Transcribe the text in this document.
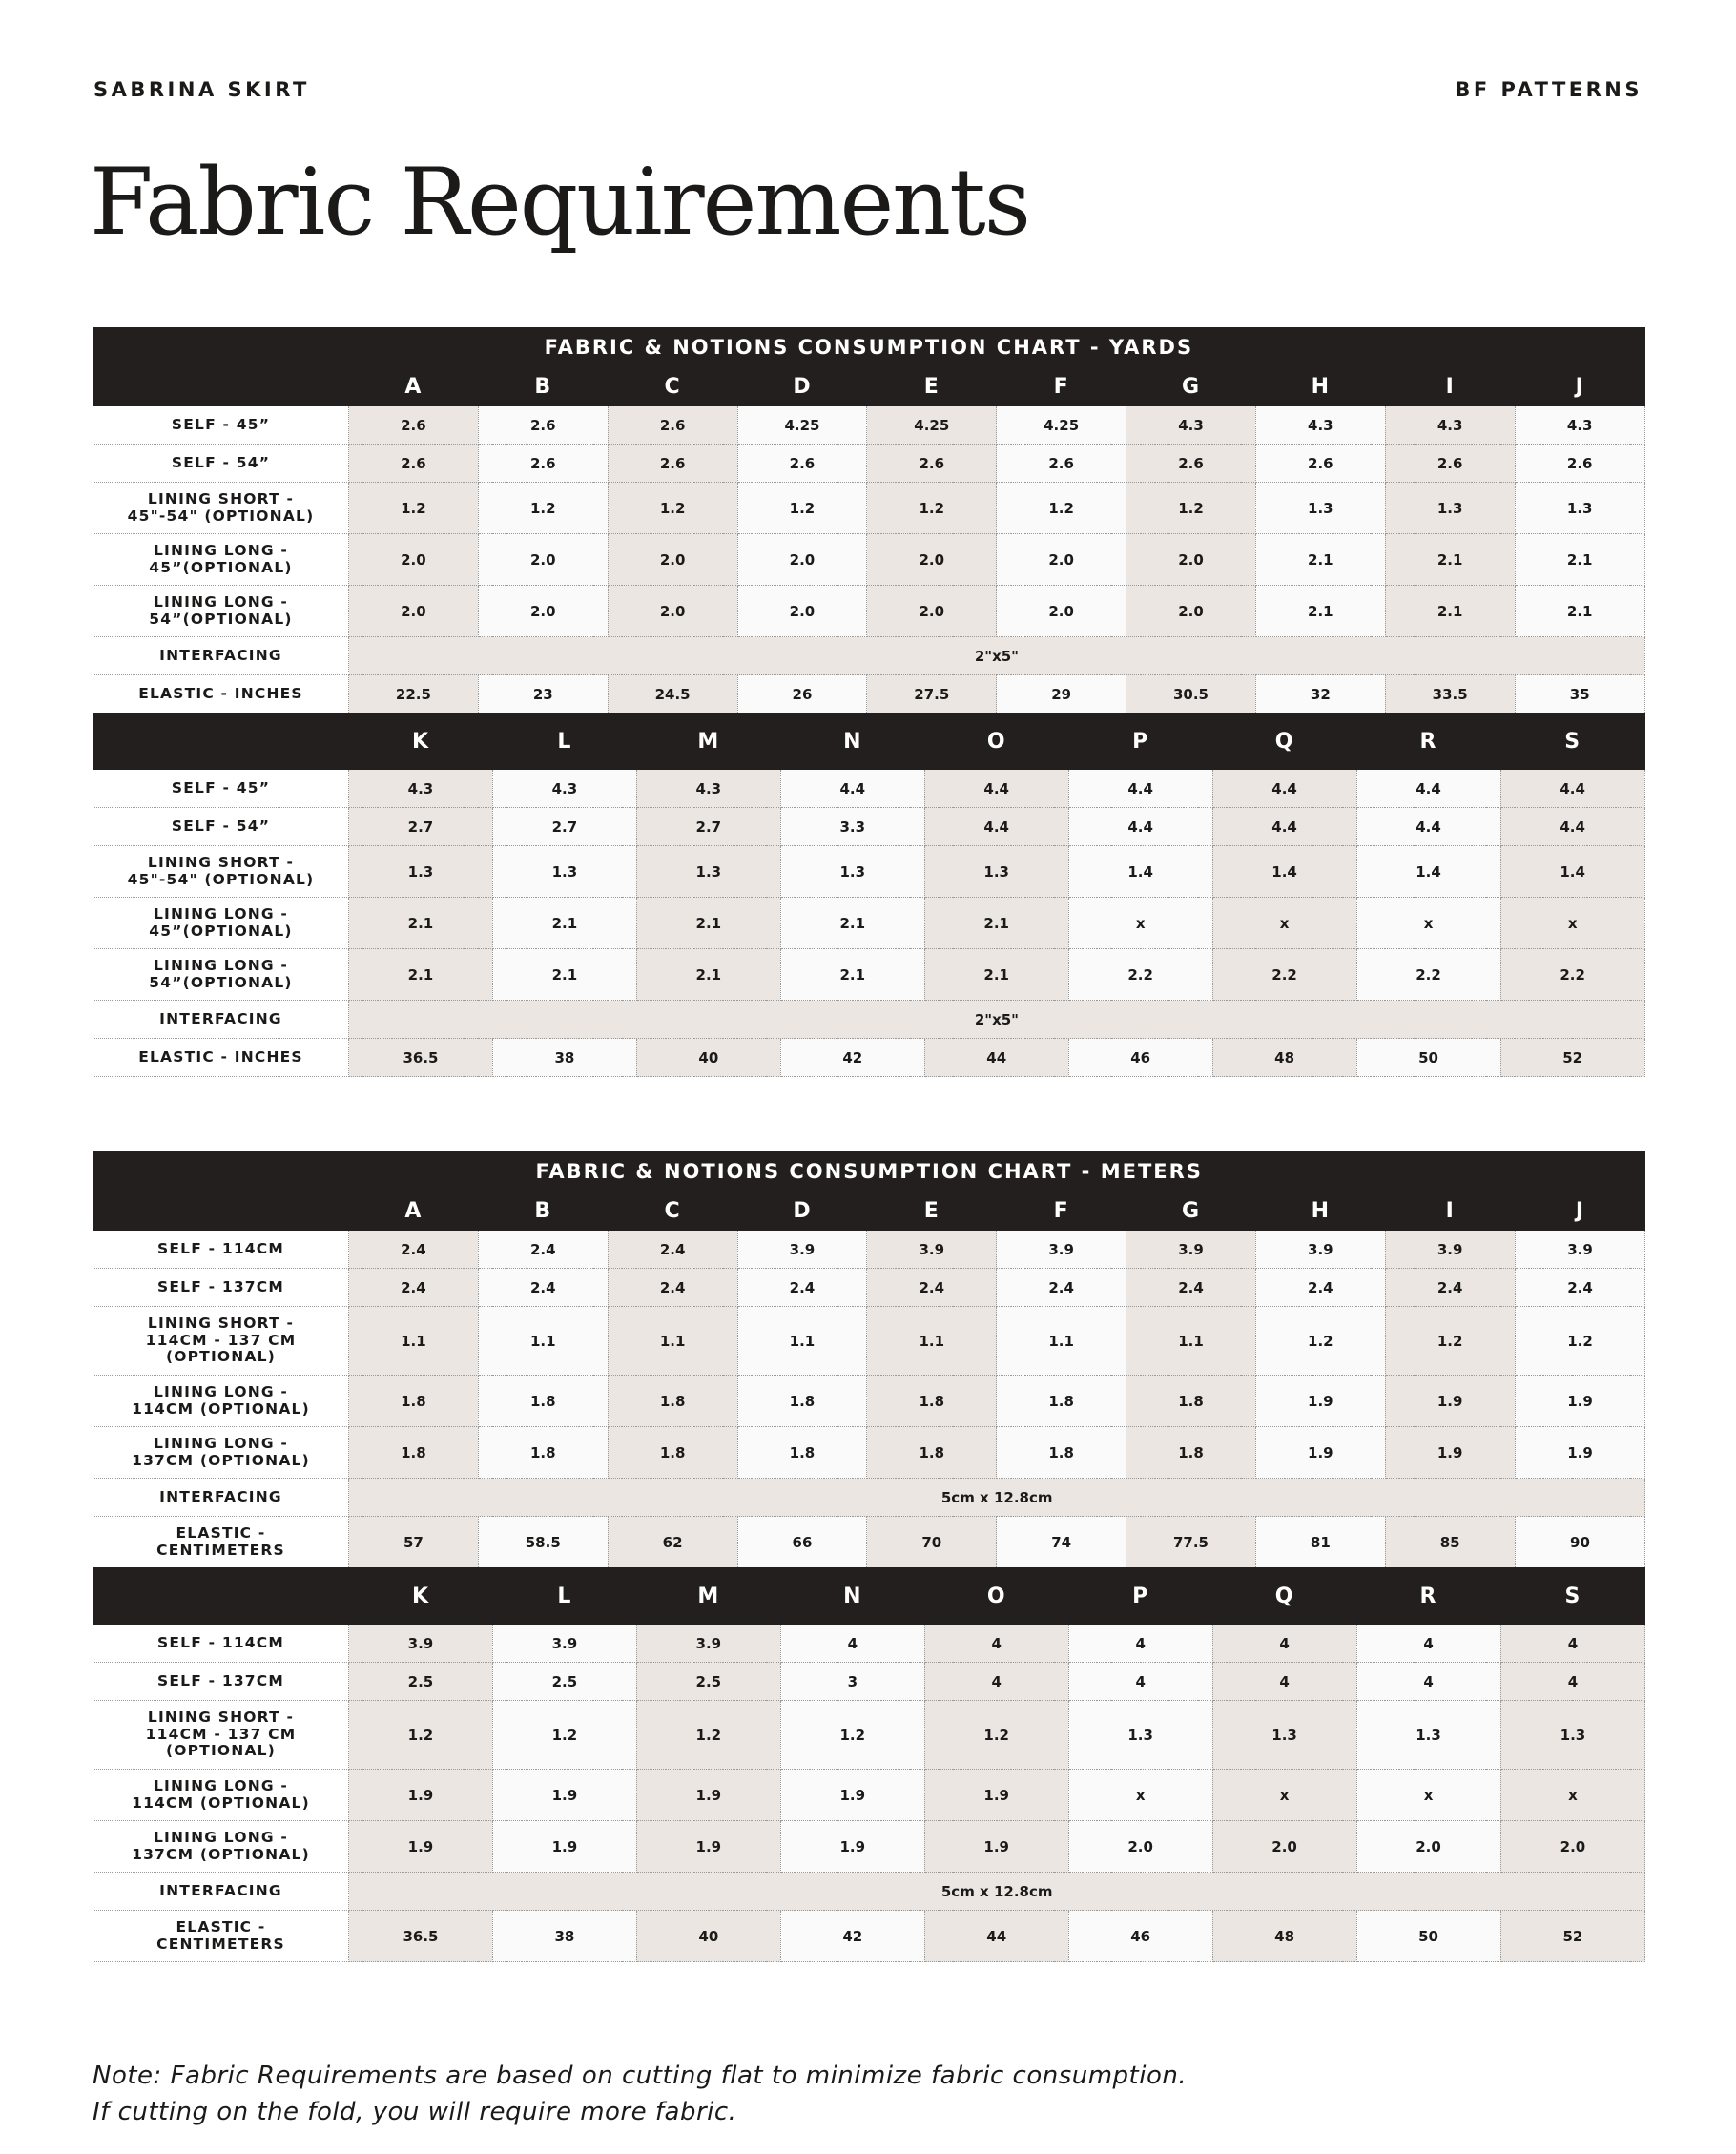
SABRINA SKIRT	BF PATTERNS
Fabric Requirements
FABRIC & NOTIONS CONSUMPTION CHART - YARDS																		
	A	B		C		D		E		F		G		H		I		J
SELF - 45”	2.6	2.6		2.6		4.25		4.25		4.25		4.3		4.3		4.3		4.3
SELF - 54”	2.6	2.6		2.6		2.6		2.6		2.6		2.6		2.6		2.6		2.6
LINING SHORT -
45"-54" (OPTIONAL)	1.2	1.2		1.2		1.2		1.2		1.2		1.2		1.3		1.3		1.3
LINING LONG -
45”(OPTIONAL)	2.0	2.0		2.0		2.0		2.0		2.0		2.0		2.1		2.1		2.1
LINING LONG -
54”(OPTIONAL)	2.0	2.0		2.0		2.0		2.0		2.0		2.0		2.1		2.1		2.1
INTERFACING	2"x5"																	
ELASTIC - INCHES	22.5	23		24.5		26		27.5		29		30.5		32		33.5		35
	K		L		M		N		O		P		Q		R		S	
SELF - 45”	4.3		4.3		4.3		4.4		4.4		4.4		4.4		4.4		4.4	
SELF - 54”	2.7		2.7		2.7		3.3		4.4		4.4		4.4		4.4		4.4	
LINING SHORT -
45"-54" (OPTIONAL)	1.3		1.3		1.3		1.3		1.3		1.4		1.4		1.4		1.4	
LINING LONG -
45”(OPTIONAL)	2.1		2.1		2.1		2.1		2.1		x		x		x		x	
LINING LONG -
54”(OPTIONAL)	2.1		2.1		2.1		2.1		2.1		2.2		2.2		2.2		2.2	
INTERFACING	2"x5"																	
ELASTIC - INCHES	36.5		38		40		42		44		46		48		50		52	
FABRIC & NOTIONS CONSUMPTION CHART - METERS																		
	A	B		C		D		E		F		G		H		I		J
SELF - 114CM	2.4	2.4		2.4		3.9		3.9		3.9		3.9		3.9		3.9		3.9
SELF - 137CM	2.4	2.4		2.4		2.4		2.4		2.4		2.4		2.4		2.4		2.4
LINING SHORT -
114CM - 137 CM
(OPTIONAL)	1.1	1.1		1.1		1.1		1.1		1.1		1.1		1.2		1.2		1.2
LINING LONG -
114CM (OPTIONAL)	1.8	1.8		1.8		1.8		1.8		1.8		1.8		1.9		1.9		1.9
LINING LONG -
137CM (OPTIONAL)	1.8	1.8		1.8		1.8		1.8		1.8		1.8		1.9		1.9		1.9
INTERFACING	5cm x 12.8cm																	
ELASTIC -
CENTIMETERS	57	58.5		62		66		70		74		77.5		81		85		90
	K		L		M		N		O		P		Q		R		S	
SELF - 114CM	3.9		3.9		3.9		4		4		4		4		4		4	
SELF - 137CM	2.5		2.5		2.5		3		4		4		4		4		4	
LINING SHORT -
114CM - 137 CM
(OPTIONAL)	1.2		1.2		1.2		1.2		1.2		1.3		1.3		1.3		1.3	
LINING LONG -
114CM (OPTIONAL)	1.9		1.9		1.9		1.9		1.9		x		x		x		x	
LINING LONG -
137CM (OPTIONAL)	1.9		1.9		1.9		1.9		1.9		2.0		2.0		2.0		2.0	
INTERFACING	5cm x 12.8cm																	
ELASTIC -
CENTIMETERS	36.5		38		40		42		44		46		48		50		52	
Note: Fabric Requirements are based on cutting flat to minimize fabric consumption.
If cutting on the fold, you will require more fabric.
